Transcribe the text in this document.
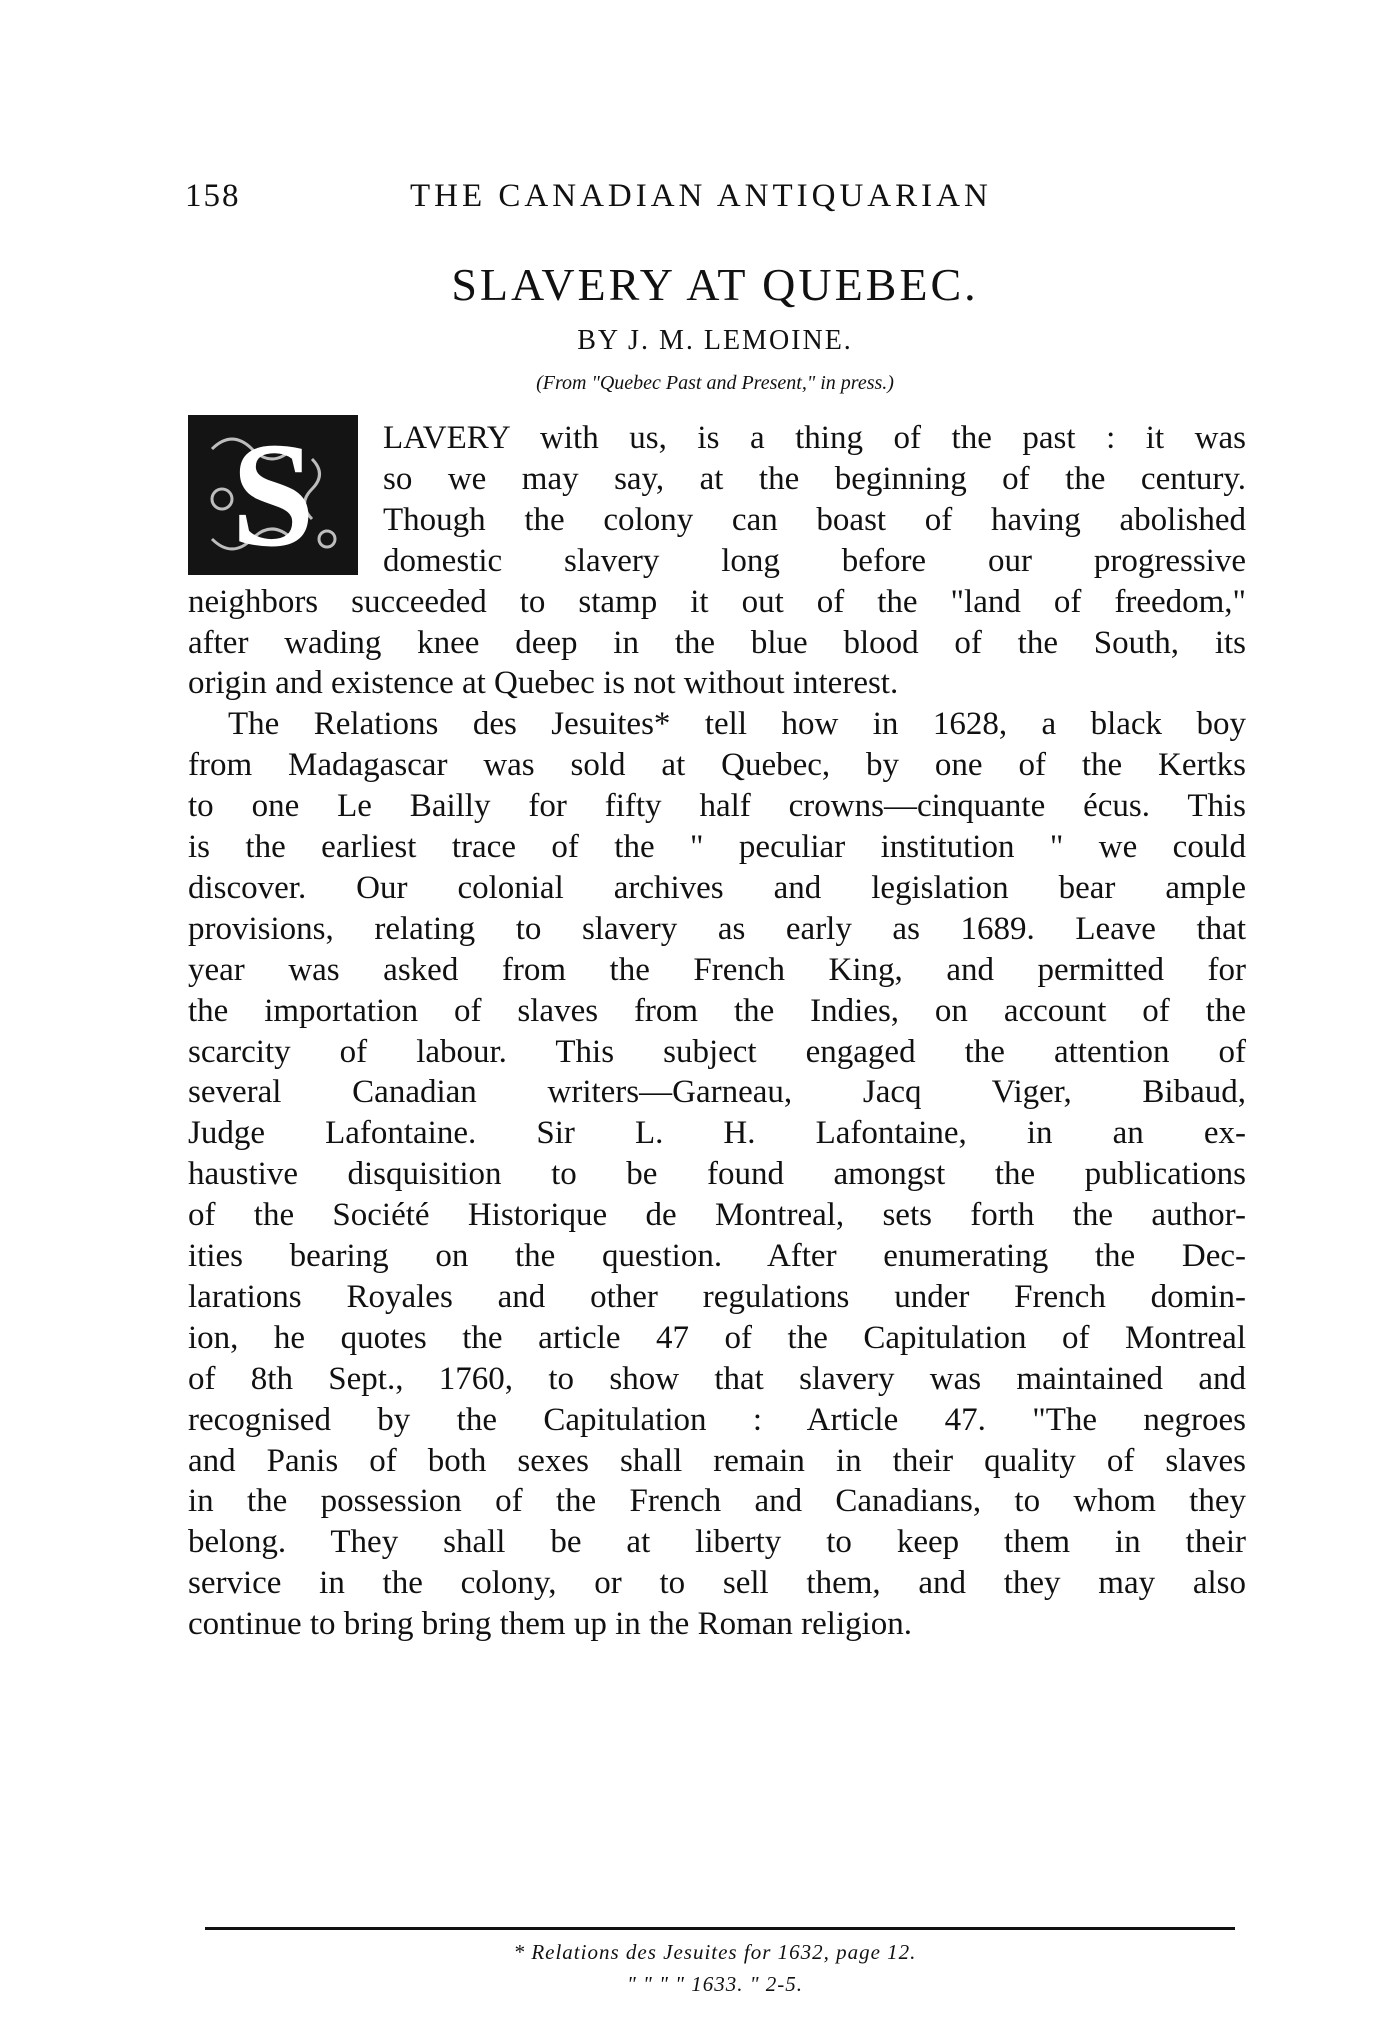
158	THE CANADIAN ANTIQUARIAN
SLAVERY AT QUEBEC.
BY J. M. LEMOINE.
(From "Quebec Past and Present," in press.)
S LAVERY with us, is a thing of the past : it was
so we may say, at the beginning of the century.
Though the colony can boast of having abolished
domestic slavery long before our progressive
neighbors succeeded to stamp it out of the "land of freedom,"
after wading knee deep in the blue blood of the South, its
origin and existence at Quebec is not without interest.
The Relations des Jesuites* tell how in 1628, a black boy
from Madagascar was sold at Quebec, by one of the Kertks
to one Le Bailly for fifty half crowns—cinquante écus. This
is the earliest trace of the " peculiar institution " we could
discover. Our colonial archives and legislation bear ample
provisions, relating to slavery as early as 1689. Leave that
year was asked from the French King, and permitted for
the importation of slaves from the Indies, on account of the
scarcity of labour. This subject engaged the attention of
several Canadian writers—Garneau, Jacq Viger, Bibaud,
Judge Lafontaine. Sir L. H. Lafontaine, in an ex-
haustive disquisition to be found amongst the publications
of the Société Historique de Montreal, sets forth the author-
ities bearing on the question. After enumerating the Dec-
larations Royales and other regulations under French domin-
ion, he quotes the article 47 of the Capitulation of Montreal
of 8th Sept., 1760, to show that slavery was maintained and
recognised by the Capitulation : Article 47. "The negroes
and Panis of both sexes shall remain in their quality of slaves
in the possession of the French and Canadians, to whom they
belong. They shall be at liberty to keep them in their
service in the colony, or to sell them, and they may also
continue to bring bring them up in the Roman religion.
* Relations des Jesuites for 1632, page 12.
" " " " 1633. " 2-5.
